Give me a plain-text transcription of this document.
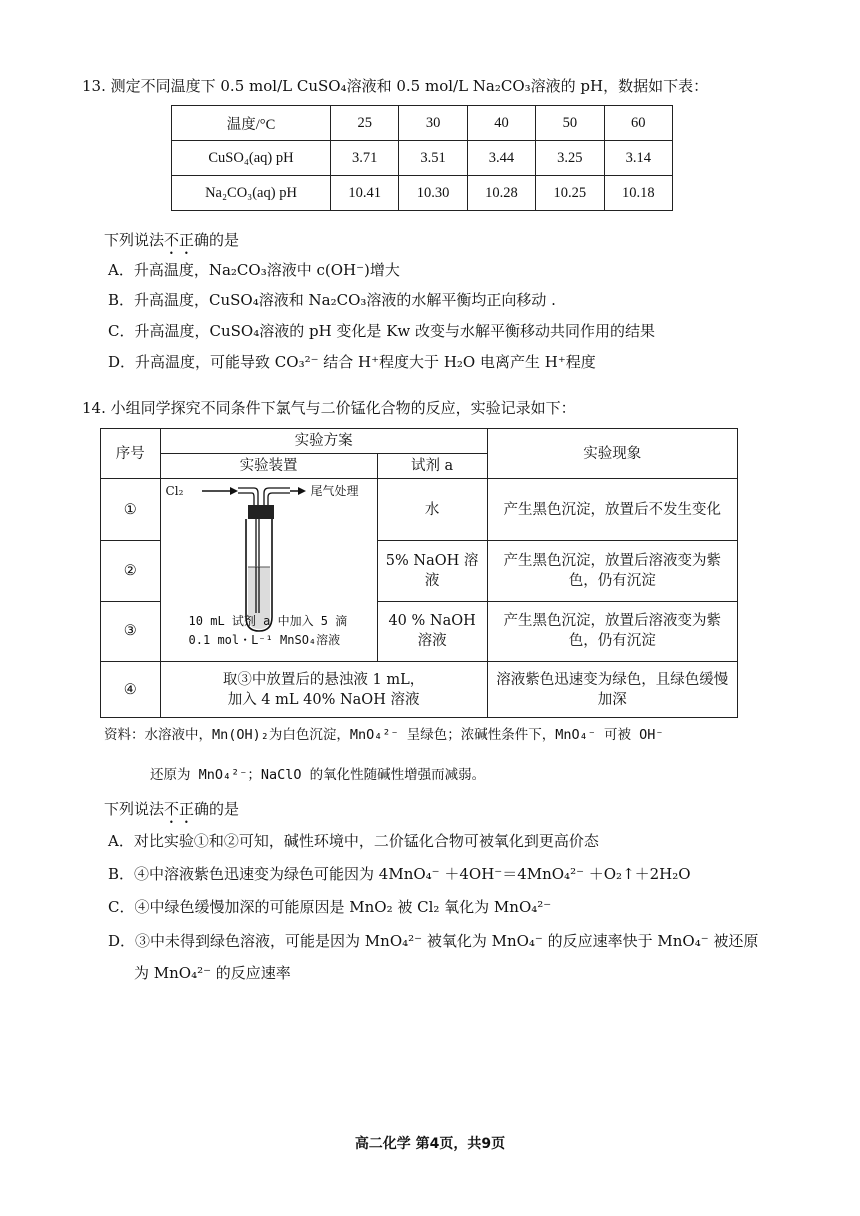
13. 测定不同温度下 0.5 mol/L CuSO₄溶液和 0.5 mol/L Na₂CO₃溶液的 pH，数据如下表：
温度/°C	25	30	40	50	60
CuSO₄(aq) pH	3.71	3.51	3.44	3.25	3.14
Na₂CO₃(aq) pH	10.41	10.30	10.28	10.25	10.18
下列说法不正确的是
A．升高温度，Na₂CO₃溶液中 c(OH⁻)增大
B．升高温度，CuSO₄溶液和 Na₂CO₃溶液的水解平衡均正向移动 .
C．升高温度，CuSO₄溶液的 pH 变化是 Kw 改变与水解平衡移动共同作用的结果
D．升高温度，可能导致 CO₃²⁻ 结合 H⁺程度大于 H₂O 电离产生 H⁺程度
14. 小组同学探究不同条件下氯气与二价锰化合物的反应，实验记录如下：
序号	实验方案		实验现象
	实验装置	试剂 a	
①	Cl₂ 尾气处理
10 mL 试剂 a 中加入 5 滴
0.1 mol・L⁻¹ MnSO₄溶液	水	产生黑色沉淀，放置后不发生变化
②		5% NaOH 溶液	产生黑色沉淀，放置后溶液变为紫色，仍有沉淀
③		40 % NaOH 溶液	产生黑色沉淀，放置后溶液变为紫色，仍有沉淀
④	取③中放置后的悬浊液 1 mL，
加入 4 mL 40% NaOH 溶液		溶液紫色迅速变为绿色，且绿色缓慢加深
资料：水溶液中，Mn(OH)₂为白色沉淀，MnO₄²⁻ 呈绿色；浓碱性条件下，MnO₄⁻ 可被 OH⁻
还原为 MnO₄²⁻；NaClO 的氧化性随碱性增强而减弱。
下列说法不正确的是
A．对比实验①和②可知，碱性环境中，二价锰化合物可被氧化到更高价态
B．④中溶液紫色迅速变为绿色可能因为 4MnO₄⁻ ＋4OH⁻＝4MnO₄²⁻ ＋O₂↑＋2H₂O
C．④中绿色缓慢加深的可能原因是 MnO₂ 被 Cl₂ 氧化为 MnO₄²⁻
D．③中未得到绿色溶液，可能是因为 MnO₄²⁻ 被氧化为 MnO₄⁻ 的反应速率快于 MnO₄⁻ 被还原
为 MnO₄²⁻ 的反应速率
高二化学 第4页，共9页
